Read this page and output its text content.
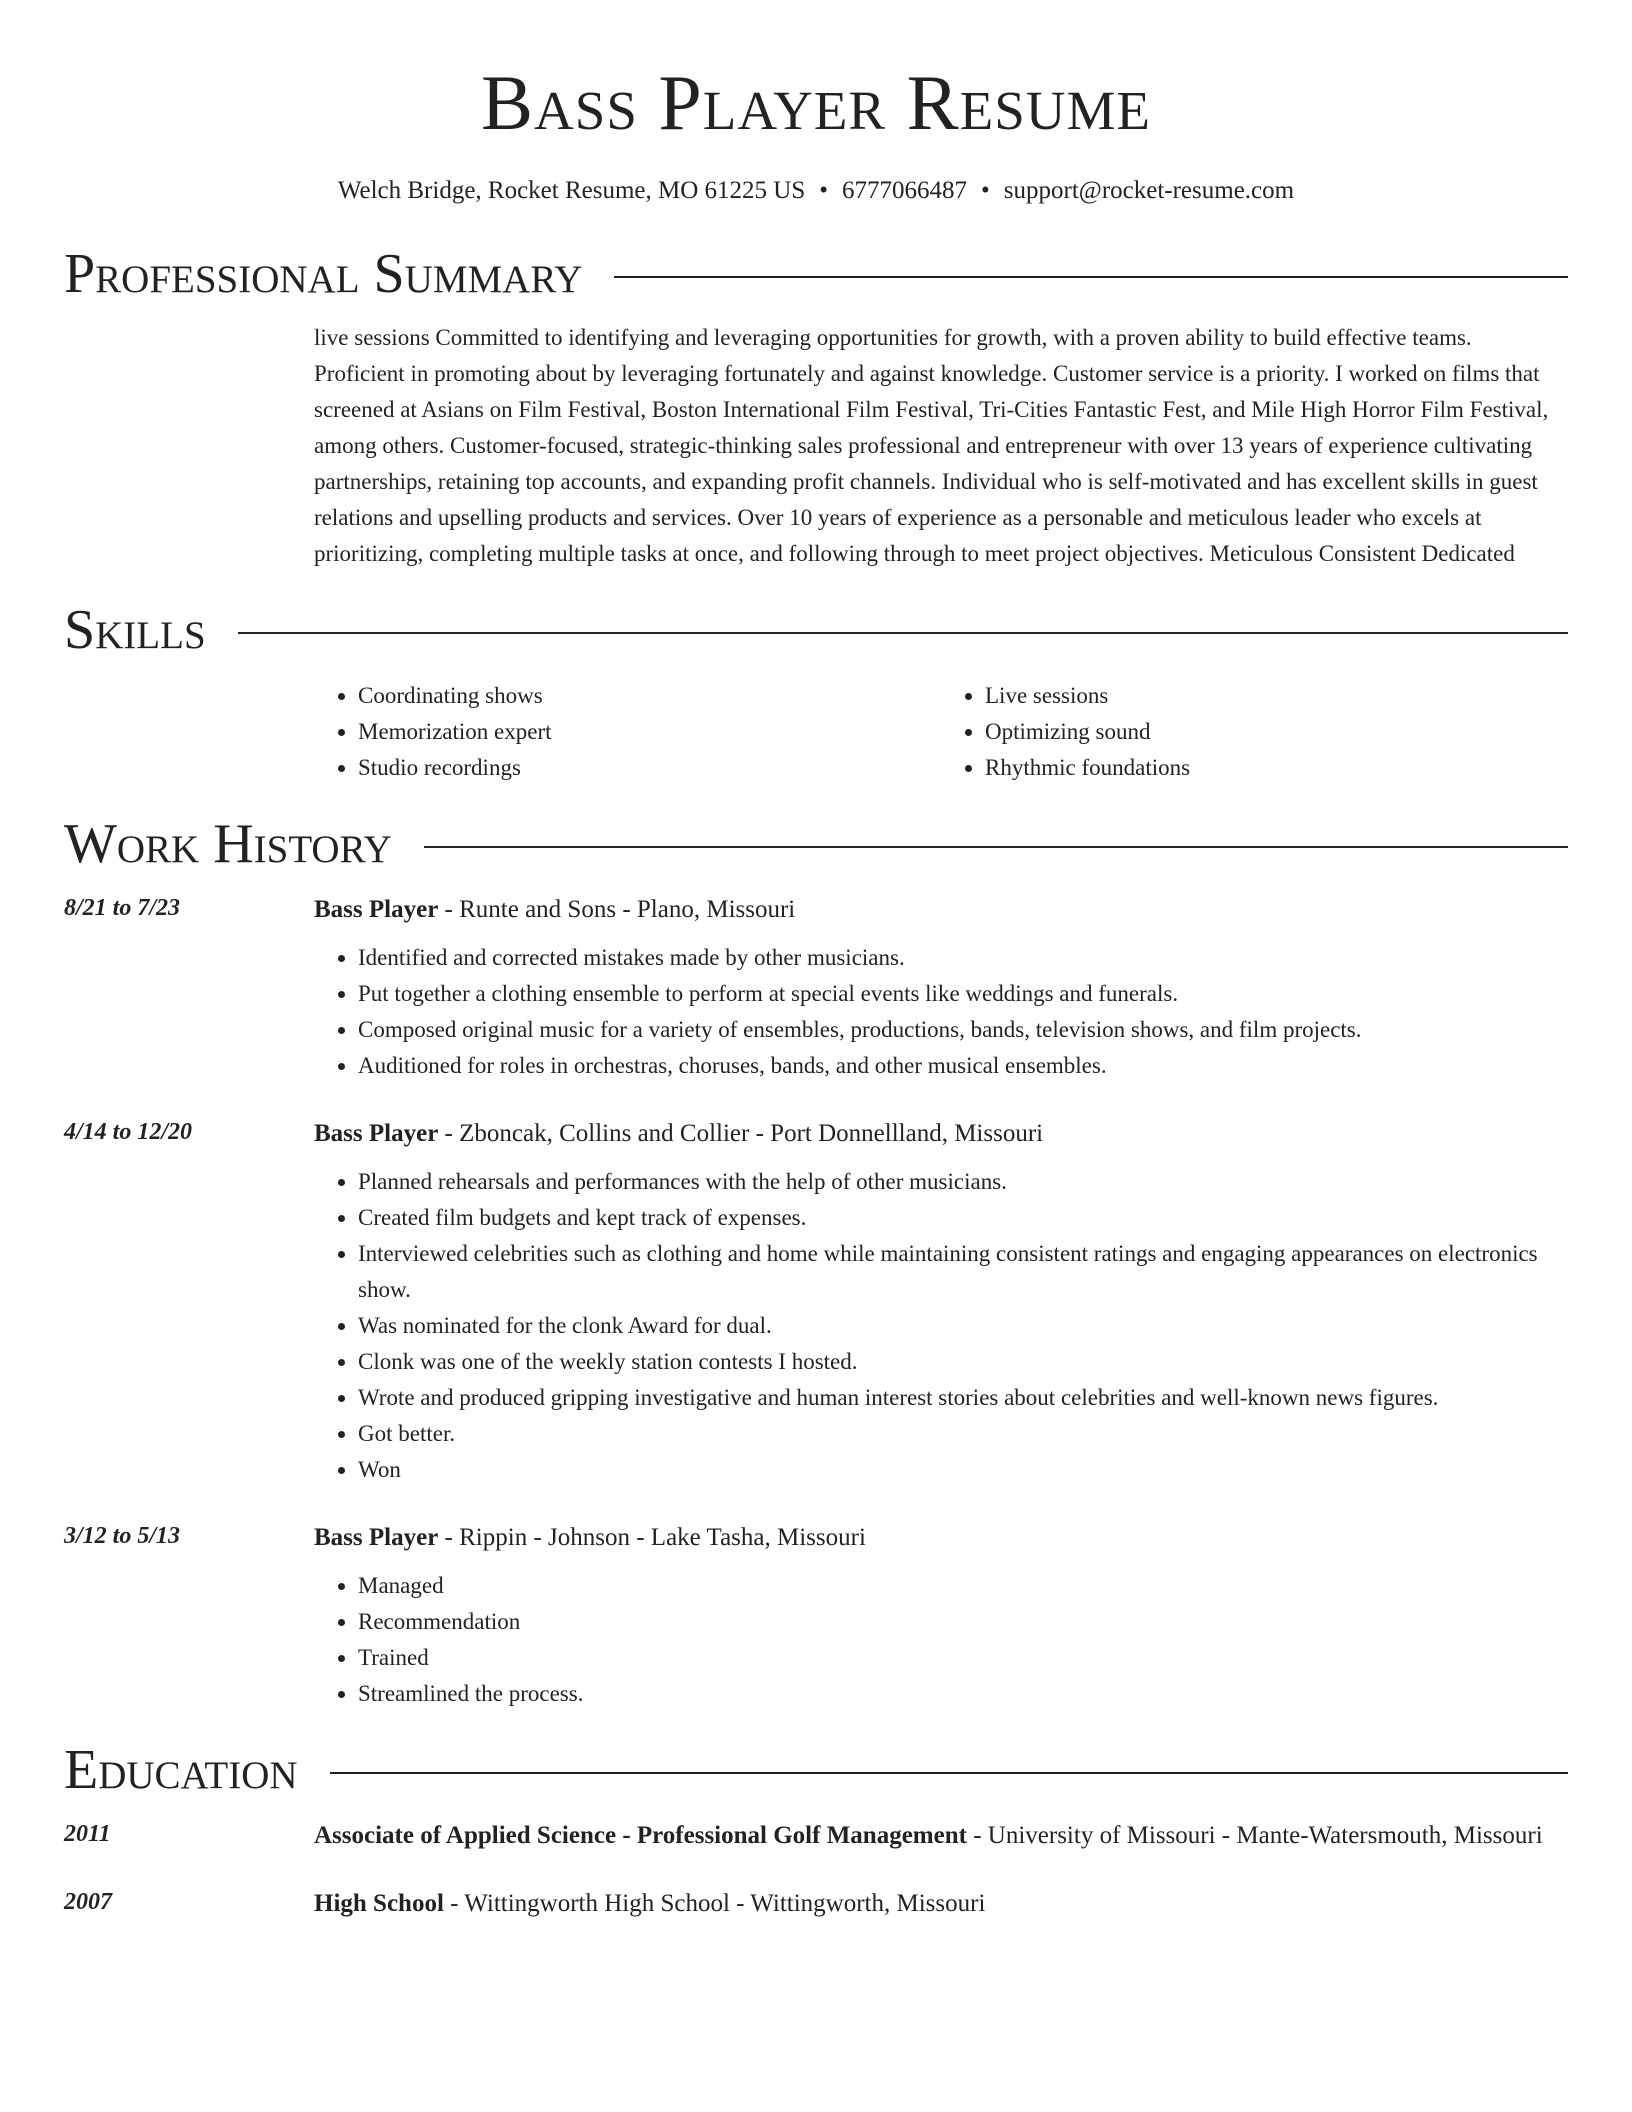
Bass Player Resume
Welch Bridge, Rocket Resume, MO 61225 US • 6777066487 • support@rocket-resume.com
Professional Summary

live sessions Committed to identifying and leveraging opportunities for growth, with a proven ability to build effective teams. Proficient in promoting about by leveraging fortunately and against knowledge. Customer service is a priority. I worked on films that screened at Asians on Film Festival, Boston International Film Festival, Tri-Cities Fantastic Fest, and Mile High Horror Film Festival, among others. Customer-focused, strategic-thinking sales professional and entrepreneur with over 13 years of experience cultivating partnerships, retaining top accounts, and expanding profit channels. Individual who is self-motivated and has excellent skills in guest relations and upselling products and services. Over 10 years of experience as a personable and meticulous leader who excels at prioritizing, completing multiple tasks at once, and following through to meet project objectives. Meticulous Consistent Dedicated

Skills
• Coordinating shows
• Memorization expert
• Studio recordings
• Live sessions
• Optimizing sound
• Rhythmic foundations
Work History
8/21 to 7/23	Bass Player - Runte and Sons - Plano, Missouri
• Identified and corrected mistakes made by other musicians.
• Put together a clothing ensemble to perform at special events like weddings and funerals.
• Composed original music for a variety of ensembles, productions, bands, television shows, and film projects.
• Auditioned for roles in orchestras, choruses, bands, and other musical ensembles.
4/14 to 12/20	Bass Player - Zboncak, Collins and Collier - Port Donnellland, Missouri
• Planned rehearsals and performances with the help of other musicians.
• Created film budgets and kept track of expenses.
• Interviewed celebrities such as clothing and home while maintaining consistent ratings and engaging appearances on electronics show.
• Was nominated for the clonk Award for dual.
• Clonk was one of the weekly station contests I hosted.
• Wrote and produced gripping investigative and human interest stories about celebrities and well-known news figures.
• Got better.
• Won
3/12 to 5/13	Bass Player - Rippin - Johnson - Lake Tasha, Missouri
• Managed
• Recommendation
• Trained
• Streamlined the process.
Education
2011	Associate of Applied Science - Professional Golf Management - University of Missouri - Mante-Watersmouth, Missouri
2007	High School - Wittingworth High School - Wittingworth, Missouri
